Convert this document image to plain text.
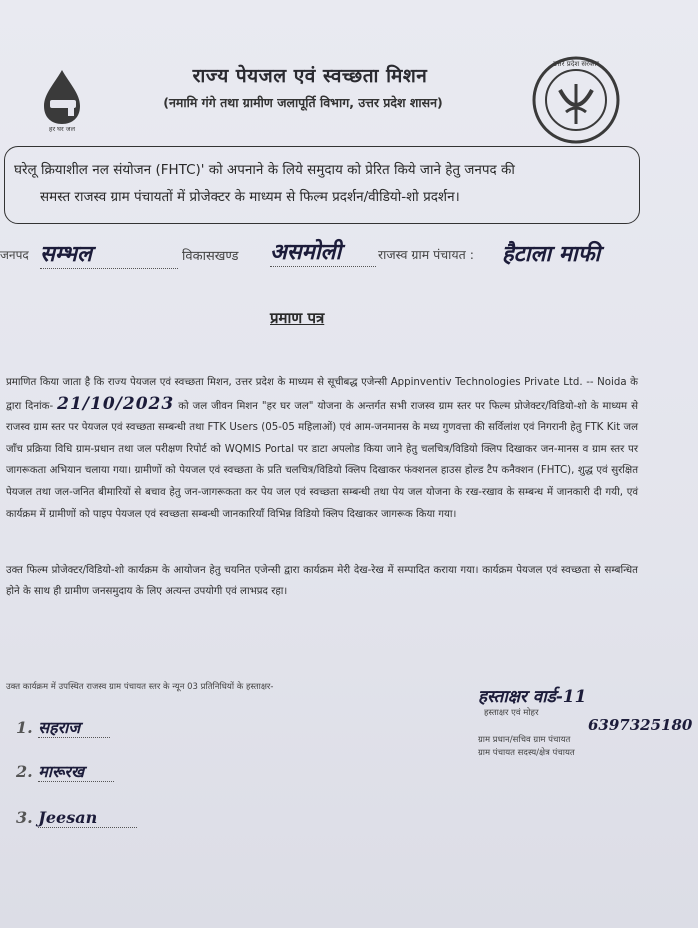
हर घर जल
राज्य पेयजल एवं स्वच्छता मिशन
(नमामि गंगे तथा ग्रामीण जलापूर्ति विभाग, उत्तर प्रदेश शासन)
उत्तर प्रदेश सरकार
घरेलू क्रियाशील नल संयोजन (FHTC)' को अपनाने के लिये समुदाय को प्रेरित किये जाने हेतु जनपद की
समस्त राजस्व ग्राम पंचायतों में प्रोजेक्टर के माध्यम से फिल्म प्रदर्शन/वीडियो-शो प्रदर्शन।
जनपद सम्भल	विकासखण्ड असमोली	राजस्व ग्राम पंचायत : हैटाला माफी
प्रमाण पत्र
प्रमाणित किया जाता है कि राज्य पेयजल एवं स्वच्छता मिशन, उत्तर प्रदेश के माध्यम से सूचीबद्ध एजेन्सी Appinventiv Technologies Private Ltd. -- Noida के द्वारा दिनांक- 21/10/2023 को जल जीवन मिशन "हर घर जल" योजना के अन्तर्गत सभी राजस्व ग्राम स्तर पर फिल्म प्रोजेक्टर/विडियो-शो के माध्यम से राजस्व ग्राम स्तर पर पेयजल एवं स्वच्छता सम्बन्धी तथा FTK Users (05-05 महिलाओं) एवं आम-जनमानस के मध्य गुणवत्ता की सर्विलांश एवं निगरानी हेतु FTK Kit जल जाँच प्रक्रिया विधि ग्राम-प्रधान तथा जल परीक्षण रिपोर्ट को WQMIS Portal पर डाटा अपलोड किया जाने हेतु चलचित्र/विडियो क्लिप दिखाकर जन-मानस व ग्राम स्तर पर जागरूकता अभियान चलाया गया। ग्रामीणों को पेयजल एवं स्वच्छता के प्रति चलचित्र/विडियो क्लिप दिखाकर फंक्शनल हाउस होल्ड टैप कनैक्शन (FHTC), शुद्ध एवं सुरक्षित पेयजल तथा जल-जनित बीमारियों से बचाव हेतु जन-जागरूकता कर पेय जल एवं स्वच्छता सम्बन्धी तथा पेय जल योजना के रख-रखाव के सम्बन्ध में जानकारी दी गयी, एवं कार्यक्रम में ग्रामीणों को पाइप पेयजल एवं स्वच्छता सम्बन्धी जानकारियाँ विभिन्न विडियो क्लिप दिखाकर जागरूक किया गया।
उक्त फिल्म प्रोजेक्टर/विडियो-शो कार्यक्रम के आयोजन हेतु चयनित एजेन्सी द्वारा कार्यक्रम मेरी देख-रेख में सम्पादित कराया गया। कार्यक्रम पेयजल एवं स्वच्छता से सम्बन्धित होने के साथ ही ग्रामीण जनसमुदाय के लिए अत्यन्त उपयोगी एवं लाभप्रद रहा।
उक्त कार्यक्रम में उपस्थित राजस्व ग्राम पंचायत स्तर के न्यून 03 प्रतिनिधियों के हस्ताक्षर-
1. सहराज
2. मारूरख
3. Jeesan
हस्ताक्षर वार्ड-11
हस्ताक्षर एवं मोहर
ग्राम प्रधान/सचिव ग्राम पंचायत
ग्राम पंचायत सदस्य/क्षेत्र पंचायत
6397325180
